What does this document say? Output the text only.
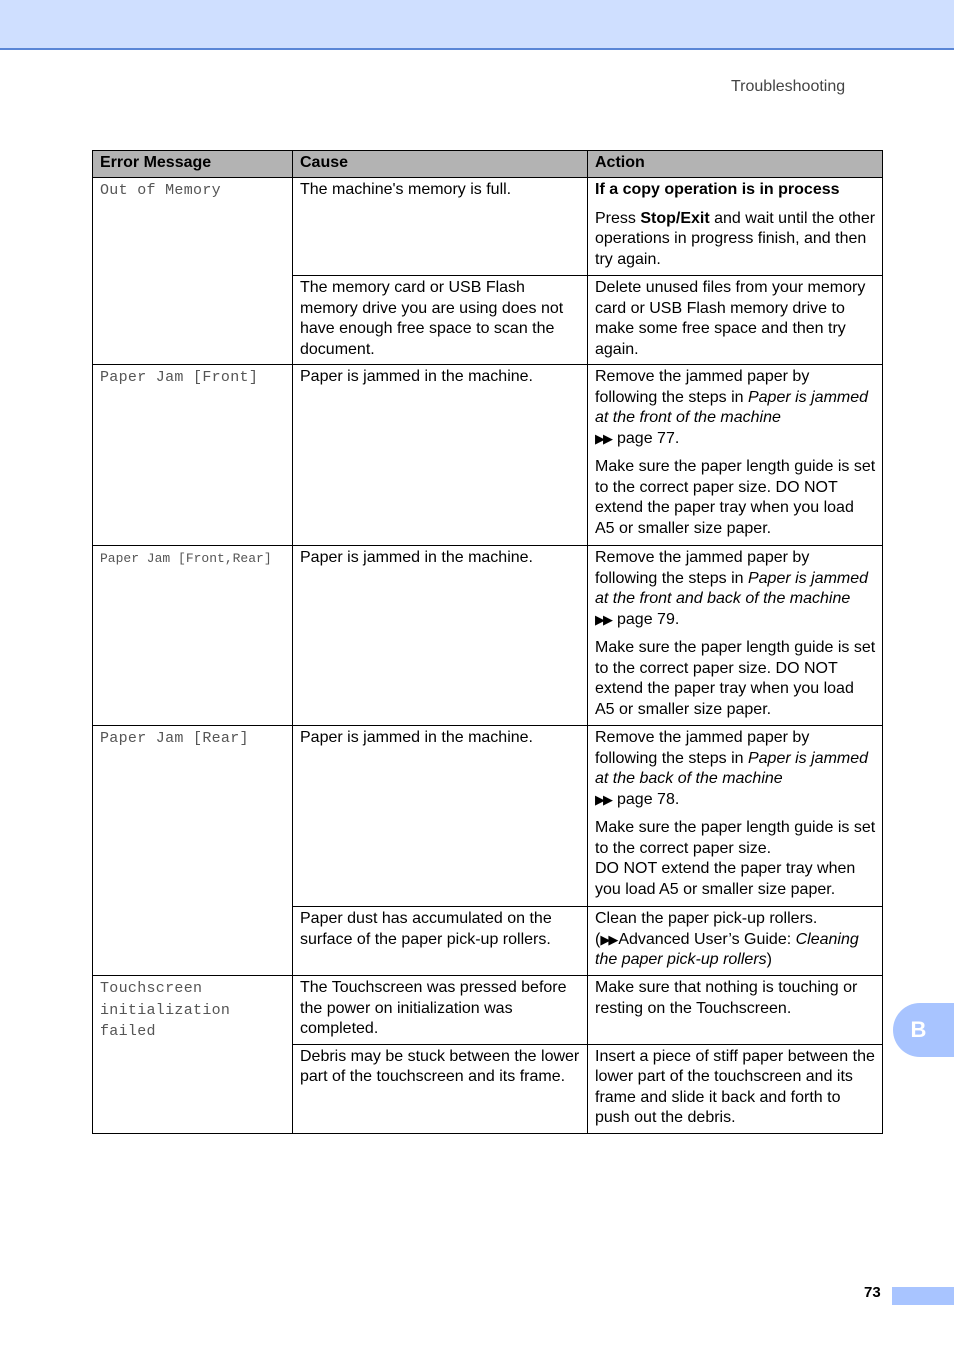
Troubleshooting
Error Message	Cause	Action
Out of Memory	The machine's memory is full.	If a copy operation is in process

Press Stop/Exit and wait until the other operations in progress finish, and then try again.

	The memory card or USB Flash memory drive you are using does not have enough free space to scan the document.	Delete unused files from your memory card or USB Flash memory drive to make some free space and then try again.
Paper Jam [Front]	Paper is jammed in the machine.	Remove the jammed paper by following the steps in Paper is jammed at the front of the machine
▶▶ page 77.

Make sure the paper length guide is set to the correct paper size. DO NOT extend the paper tray when you load A5 or smaller size paper.

Paper Jam [Front,Rear]	Paper is jammed in the machine.	Remove the jammed paper by following the steps in Paper is jammed at the front and back of the machine
▶▶ page 79.

Make sure the paper length guide is set to the correct paper size. DO NOT extend the paper tray when you load A5 or smaller size paper.

Paper Jam [Rear]	Paper is jammed in the machine.	Remove the jammed paper by following the steps in Paper is jammed at the back of the machine
▶▶ page 78.

Make sure the paper length guide is set to the correct paper size.
DO NOT extend the paper tray when you load A5 or smaller size paper.

	Paper dust has accumulated on the surface of the paper pick-up rollers.	Clean the paper pick-up rollers.
(▶▶ Advanced User’s Guide: Cleaning the paper pick-up rollers)
Touchscreen initialization failed	The Touchscreen was pressed before the power on initialization was completed.	Make sure that nothing is touching or resting on the Touchscreen.
	Debris may be stuck between the lower part of the touchscreen and its frame.	Insert a piece of stiff paper between the lower part of the touchscreen and its frame and slide it back and forth to push out the debris.
B
73
